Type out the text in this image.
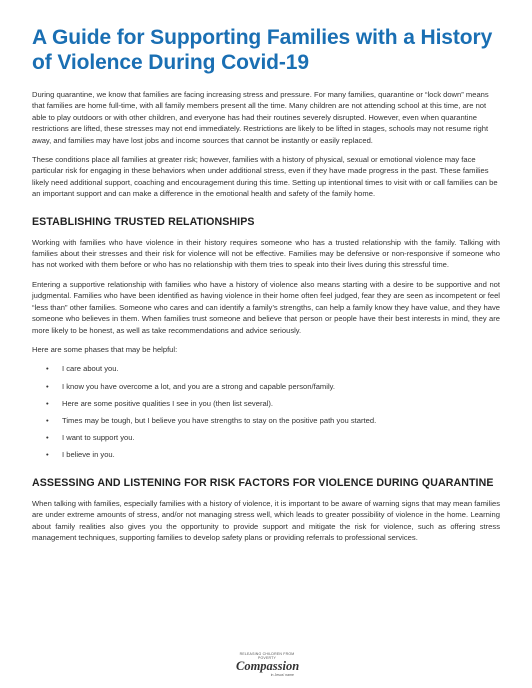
A Guide for Supporting Families with a History of Violence During Covid-19

During quarantine, we know that families are facing increasing stress and pressure. For many families, quarantine or “lock down” means that families are home full-time, with all family members present all the time. Many children are not attending school at this time, are not able to play outdoors or with other children, and everyone has had their routines severely disrupted. However, even when quarantine restrictions are lifted, these stresses may not end immediately. Restrictions are likely to be lifted in stages, schools may not resume right away, and families may have lost jobs and income sources that cannot be instantly or easily replaced.

These conditions place all families at greater risk; however, families with a history of physical, sexual or emotional violence may face particular risk for engaging in these behaviors when under additional stress, even if they have made progress in the past. These families likely need additional support, coaching and encouragement during this time. Setting up intentional times to visit with or call families can be an important support and can make a difference in the emotional health and safety of the family home.

ESTABLISHING TRUSTED RELATIONSHIPS

Working with families who have violence in their history requires someone who has a trusted relationship with the family. Talking with families about their stresses and their risk for violence will not be effective. Families may be defensive or non-responsive if someone who has not worked with them before or who has no relationship with them tries to speak into their lives during this stressful time.

Entering a supportive relationship with families who have a history of violence also means starting with a desire to be supportive and not judgmental. Families who have been identified as having violence in their home often feel judged, fear they are seen as incompetent or feel “less than” other families. Someone who cares and can identify a family’s strengths, can help a family know they have value, and they have someone who believes in them. When families trust someone and believe that person or people have their best interests in mind, they are more likely to be honest, as well as take recommendations and advice seriously.

Here are some phases that may be helpful:

• I care about you.
• I know you have overcome a lot, and you are a strong and capable person/family.
• Here are some positive qualities I see in you (then list several).
• Times may be tough, but I believe you have strengths to stay on the positive path you started.
• I want to support you.
• I believe in you.
ASSESSING AND LISTENING FOR RISK FACTORS FOR VIOLENCE DURING QUARANTINE

When talking with families, especially families with a history of violence, it is important to be aware of warning signs that may mean families are under extreme amounts of stress, and/or not managing stress well, which leads to greater possibility of violence in the home. Learning about family realities also gives you the opportunity to provide support and mitigate the risk for violence, such as offering stress management techniques, supporting families to develop safety plans or providing referrals to professional services.

RELEASING CHILDREN FROM POVERTY
Compassion
in Jesus' name
